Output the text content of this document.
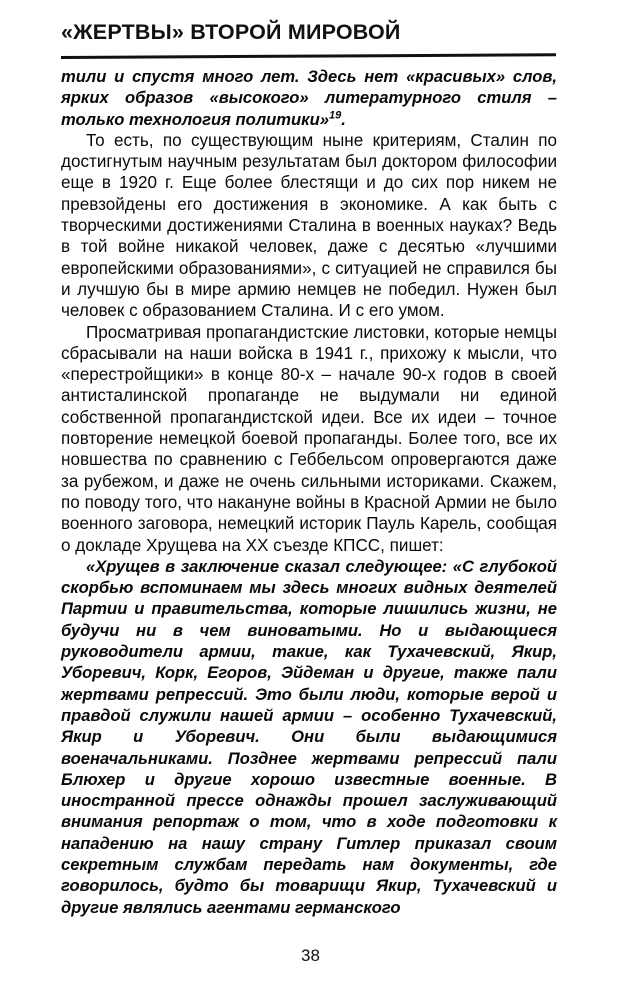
«ЖЕРТВЫ» ВТОРОЙ МИРОВОЙ

тили и спустя много лет. Здесь нет «красивых» слов, ярких образов «высокого» литературного стиля – только технология политики»$^{19}$.

То есть, по существующим ныне критериям, Сталин по достигнутым научным результатам был доктором философии еще в 1920 г. Еще более блестящи и до сих пор никем не превзойдены его достижения в экономике. А как быть с творческими достижениями Сталина в военных науках? Ведь в той войне никакой человек, даже с десятью «лучшими европейскими образованиями», с ситуацией не справился бы и лучшую бы в мире армию немцев не победил. Нужен был человек с образованием Сталина. И с его умом.

Просматривая пропагандистские листовки, которые немцы сбрасывали на наши войска в 1941 г., прихожу к мысли, что «перестройщики» в конце 80-х – начале 90-х годов в своей антисталинской пропаганде не выдумали ни единой собственной пропагандистской идеи. Все их идеи – точное повторение немецкой боевой пропаганды. Более того, все их новшества по сравнению с Геббельсом опровергаются даже за рубежом, и даже не очень сильными историками. Скажем, по поводу того, что накануне войны в Красной Армии не было военного заговора, немецкий историк Пауль Карель, сообщая о докладе Хрущева на XX съезде КПСС, пишет:

«Хрущев в заключение сказал следующее: «С глубокой скорбью вспоминаем мы здесь многих видных деятелей Партии и правительства, которые лишились жизни, не будучи ни в чем виноватыми. Но и выдающиеся руководители армии, такие, как Тухачевский, Якир, Уборевич, Корк, Егоров, Эйдеман и другие, также пали жертвами репрессий. Это были люди, которые верой и правдой служили нашей армии – особенно Тухачевский, Якир и Уборевич. Они были выдающимися военачальниками. Позднее жертвами репрессий пали Блюхер и другие хорошо известные военные. В иностранной прессе однажды прошел заслуживающий внимания репортаж о том, что в ходе подготовки к нападению на нашу страну Гитлер приказал своим секретным службам передать нам документы, где говорилось, будто бы товарищи Якир, Тухачевский и другие являлись агентами германского

38
